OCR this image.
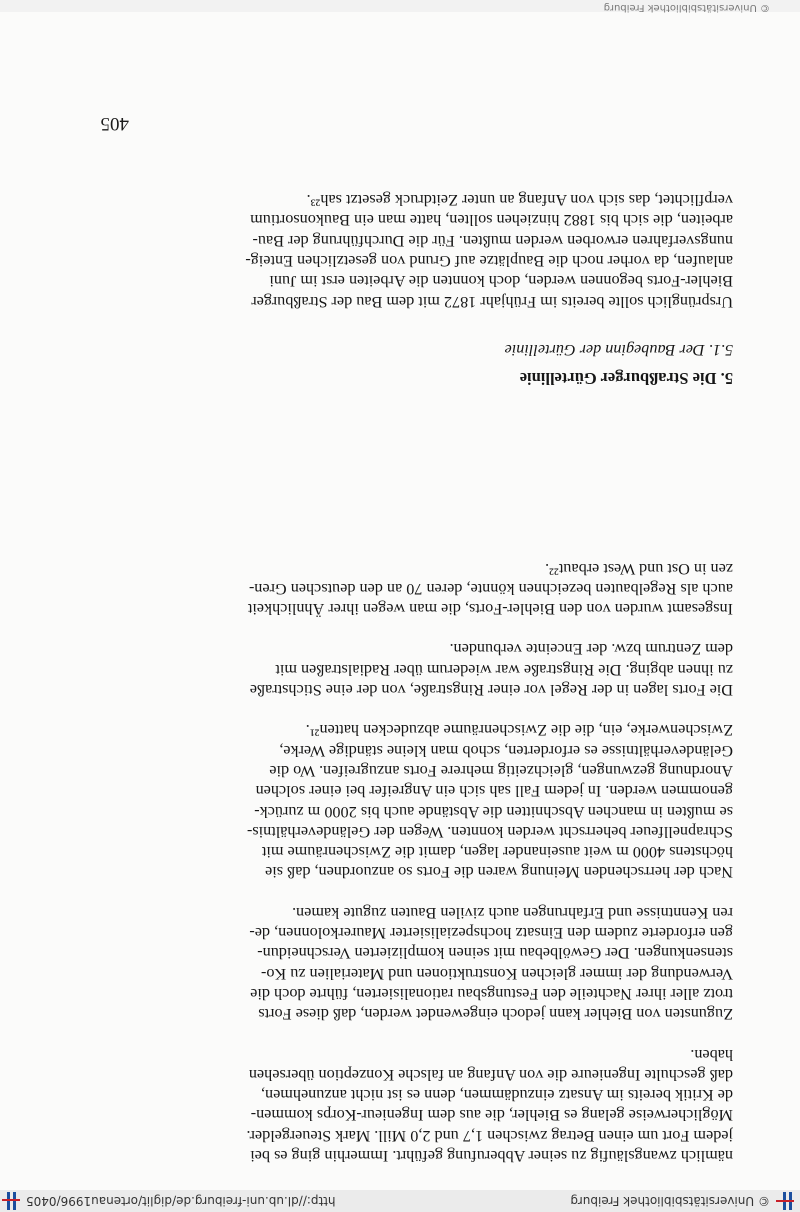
© Universitätsbibliothek Freiburg
http://dl.ub.uni-freiburg.de/diglit/ortenau1996/0405
nämlich zwangsläufig zu seiner Abberufung geführt. Immerhin ging es bei
jedem Fort um einen Betrag zwischen 1,7 und 2,0 Mill. Mark Steuergelder.
Möglicherweise gelang es Biehler, die aus dem Ingenieur-Korps kommen-
de Kritik bereits im Ansatz einzudämmen, denn es ist nicht anzunehmen,
daß geschulte Ingenieure die von Anfang an falsche Konzeption übersehen
haben.
Zugunsten von Biehler kann jedoch eingewendet werden, daß diese Forts
trotz aller ihrer Nachteile den Festungsbau rationalisierten, führte doch die
Verwendung der immer gleichen Konstruktionen und Materialien zu Ko-
stensenkungen. Der Gewölbebau mit seinen komplizierten Verschneidun-
gen erforderte zudem den Einsatz hochspezialisierter Maurerkolonnen, de-
ren Kenntnisse und Erfahrungen auch zivilen Bauten zugute kamen.
Nach der herrschenden Meinung waren die Forts so anzuordnen, daß sie
höchstens 4000 m weit auseinander lagen, damit die Zwischenräume mit
Schrapnellfeuer beherrscht werden konnten. Wegen der Geländeverhältnis-
se mußten in manchen Abschnitten die Abstände auch bis 2000 m zurück-
genommen werden. In jedem Fall sah sich ein Angreifer bei einer solchen
Anordnung gezwungen, gleichzeitig mehrere Forts anzugreifen. Wo die
Geländeverhältnisse es erforderten, schob man kleine ständige Werke,
Zwischenwerke, ein, die die Zwischenräume abzudecken hatten²¹.
Die Forts lagen in der Regel vor einer Ringstraße, von der eine Stichstraße
zu ihnen abging. Die Ringstraße war wiederum über Radialstraßen mit
dem Zentrum bzw. der Enceinte verbunden.
Insgesamt wurden von den Biehler-Forts, die man wegen ihrer Ähnlichkeit
auch als Regelbauten bezeichnen könnte, deren 70 an den deutschen Gren-
zen in Ost und West erbaut²².
5. Die Straßburger Gürtellinie
5.1. Der Baubeginn der Gürtellinie
Ursprünglich sollte bereits im Frühjahr 1872 mit dem Bau der Straßburger
Biehler-Forts begonnen werden, doch konnten die Arbeiten erst im Juni
anlaufen, da vorher noch die Bauplätze auf Grund von gesetzlichen Enteig-
nungsverfahren erworben werden mußten. Für die Durchführung der Bau-
arbeiten, die sich bis 1882 hinziehen sollten, hatte man ein Baukonsortium
verpflichtet, das sich von Anfang an unter Zeitdruck gesetzt sah²³.
405
© Universitätsbibliothek Freiburg
